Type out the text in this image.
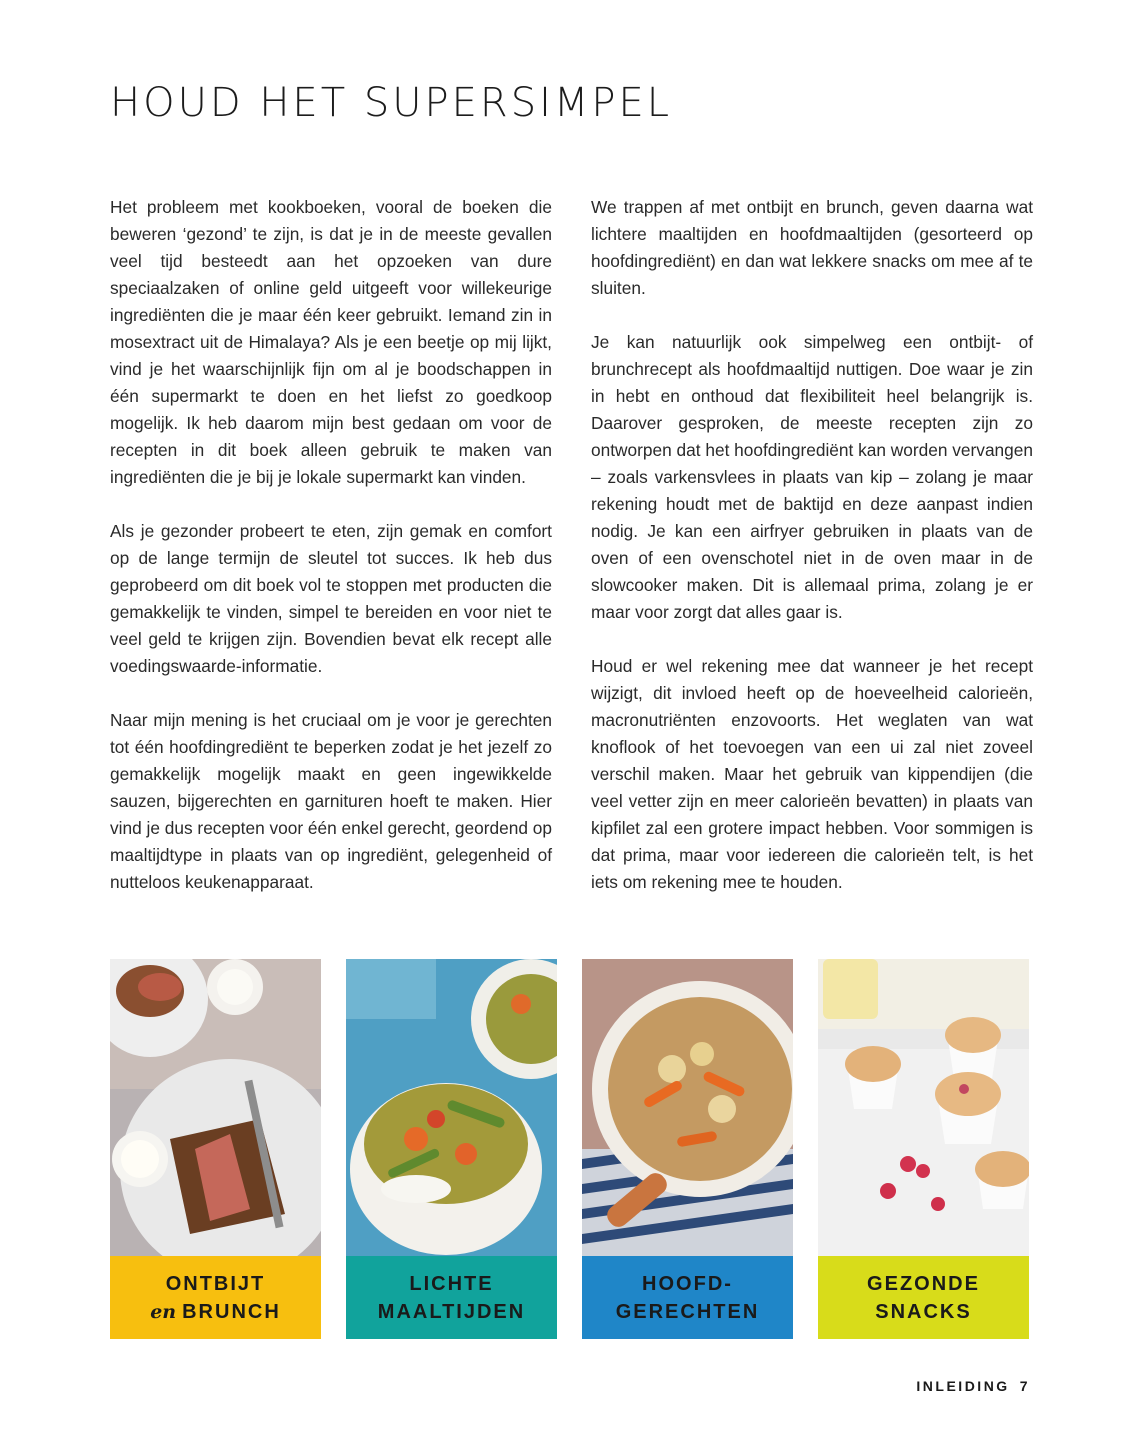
HOUD HET SUPERSIMPEL

Het probleem met kookboeken, vooral de boeken die beweren ‘gezond’ te zijn, is dat je in de meeste gevallen veel tijd besteedt aan het opzoeken van dure speciaalzaken of online geld uitgeeft voor willekeurige ingrediënten die je maar één keer gebruikt. Iemand zin in mosextract uit de Himalaya? Als je een beetje op mij lijkt, vind je het waarschijnlijk fijn om al je boodschappen in één supermarkt te doen en het liefst zo goedkoop mogelijk. Ik heb daarom mijn best gedaan om voor de recepten in dit boek alleen gebruik te maken van ingrediënten die je bij je lokale supermarkt kan vinden.

Als je gezonder probeert te eten, zijn gemak en comfort op de lange termijn de sleutel tot succes. Ik heb dus geprobeerd om dit boek vol te stoppen met producten die gemakkelijk te vinden, simpel te bereiden en voor niet te veel geld te krijgen zijn. Bovendien bevat elk recept alle voedingswaarde-informatie.

Naar mijn mening is het cruciaal om je voor je gerechten tot één hoofdingrediënt te beperken zodat je het jezelf zo gemakkelijk mogelijk maakt en geen ingewikkelde sauzen, bijgerechten en garnituren hoeft te maken. Hier vind je dus recepten voor één enkel gerecht, geordend op maaltijdtype in plaats van op ingrediënt, gelegenheid of nutteloos keukenapparaat.

We trappen af met ontbijt en brunch, geven daarna wat lichtere maaltijden en hoofdmaaltijden (gesorteerd op hoofdingrediënt) en dan wat lekkere snacks om mee af te sluiten.

Je kan natuurlijk ook simpelweg een ontbijt- of brunchrecept als hoofdmaaltijd nuttigen. Doe waar je zin in hebt en onthoud dat flexibiliteit heel belangrijk is. Daarover gesproken, de meeste recepten zijn zo ontworpen dat het hoofdingrediënt kan worden vervangen – zoals varkensvlees in plaats van kip – zolang je maar rekening houdt met de baktijd en deze aanpast indien nodig. Je kan een airfryer gebruiken in plaats van de oven of een ovenschotel niet in de oven maar in de slowcooker maken. Dit is allemaal prima, zolang je er maar voor zorgt dat alles gaar is.

Houd er wel rekening mee dat wanneer je het recept wijzigt, dit invloed heeft op de hoeveelheid calorieën, macronutriënten enzovoorts. Het weglaten van wat knoflook of het toevoegen van een ui zal niet zoveel verschil maken. Maar het gebruik van kippendijen (die veel vetter zijn en meer calorieën bevatten) in plaats van kipfilet zal een grotere impact hebben. Voor sommigen is dat prima, maar voor iedereen die calorieën telt, is het iets om rekening mee te houden.

ONTBIJT
en BRUNCH
LICHTE
MAALTIJDEN
HOOFD-
GERECHTEN
GEZONDE
SNACKS
INLEIDING 7
